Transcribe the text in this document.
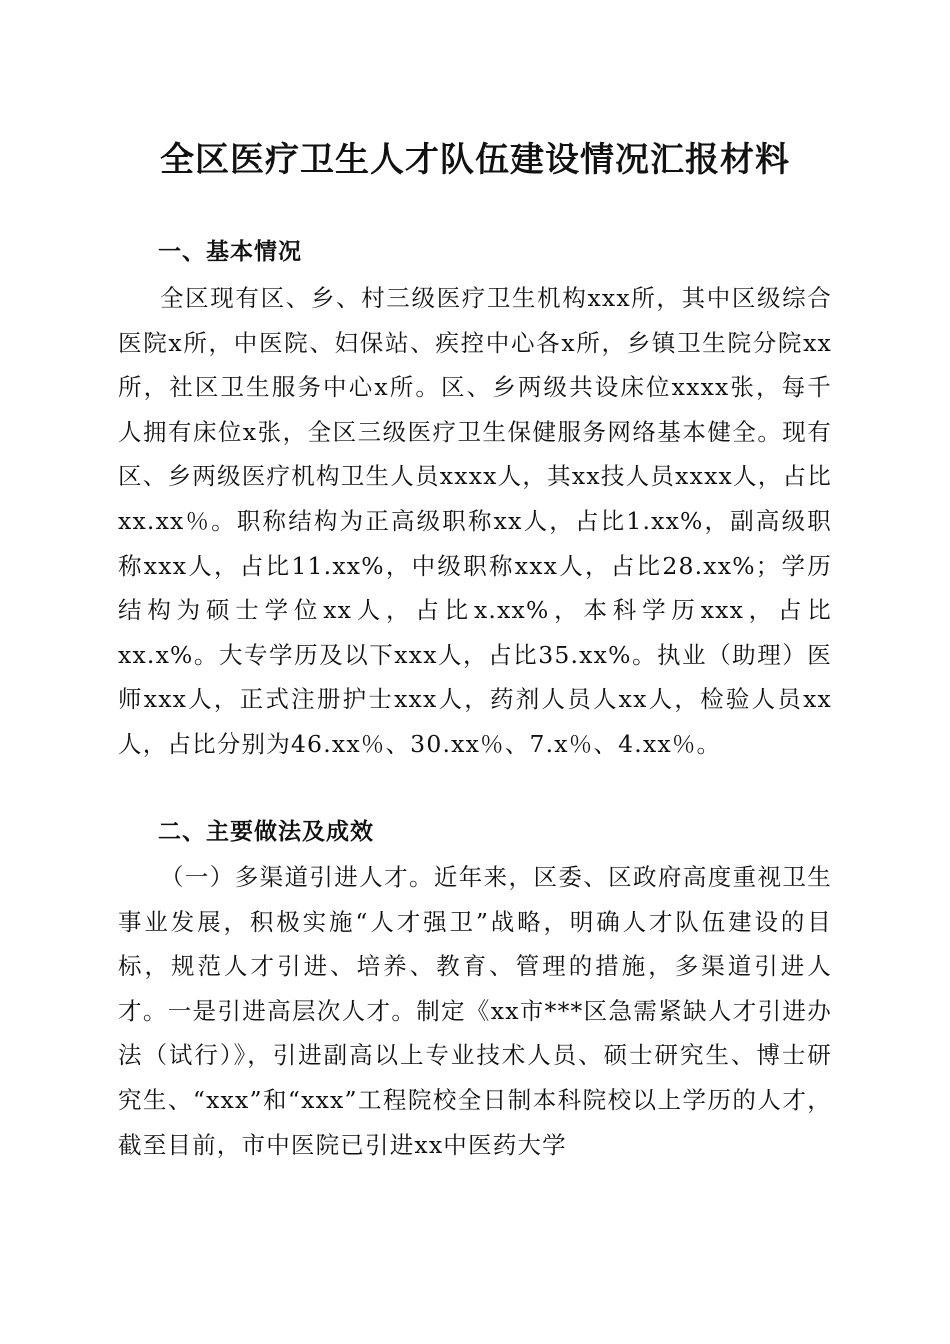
全区医疗卫生人才队伍建设情况汇报材料
一、基本情况

全区现有区、乡、村三级医疗卫生机构xxx所，其中区级综合医院x所，中医院、妇保站、疾控中心各x所，乡镇卫生院分院xx所，社区卫生服务中心x所。区、乡两级共设床位xxxx张，每千人拥有床位x张，全区三级医疗卫生保健服务网络基本健全。现有区、乡两级医疗机构卫生人员xxxx人，其xx技人员xxxx人，占比xx.xx％。职称结构为正高级职称xx人，占比1.xx%，副高级职称xxx人，占比11.xx%，中级职称xxx人，占比28.xx%；学历结构为硕士学位xx人，占比x.xx%，本科学历xxx，占比xx.x%。大专学历及以下xxx人，占比35.xx%。执业（助理）医师xxx人，正式注册护士xxx人，药剂人员人xx人，检验人员xx人，占比分别为46.xx％、30.xx％、7.x％、4.xx％。

二、主要做法及成效

（一）多渠道引进人才。近年来，区委、区政府高度重视卫生事业发展，积极实施“人才强卫”战略，明确人才队伍建设的目标，规范人才引进、培养、教育、管理的措施，多渠道引进人才。一是引进高层次人才。制定《xx市***区急需紧缺人才引进办法（试行）》，引进副高以上专业技术人员、硕士研究生、博士研究生、“xxx”和“xxx”工程院校全日制本科院校以上学历的人才，截至目前，市中医院已引进xx中医药大学
